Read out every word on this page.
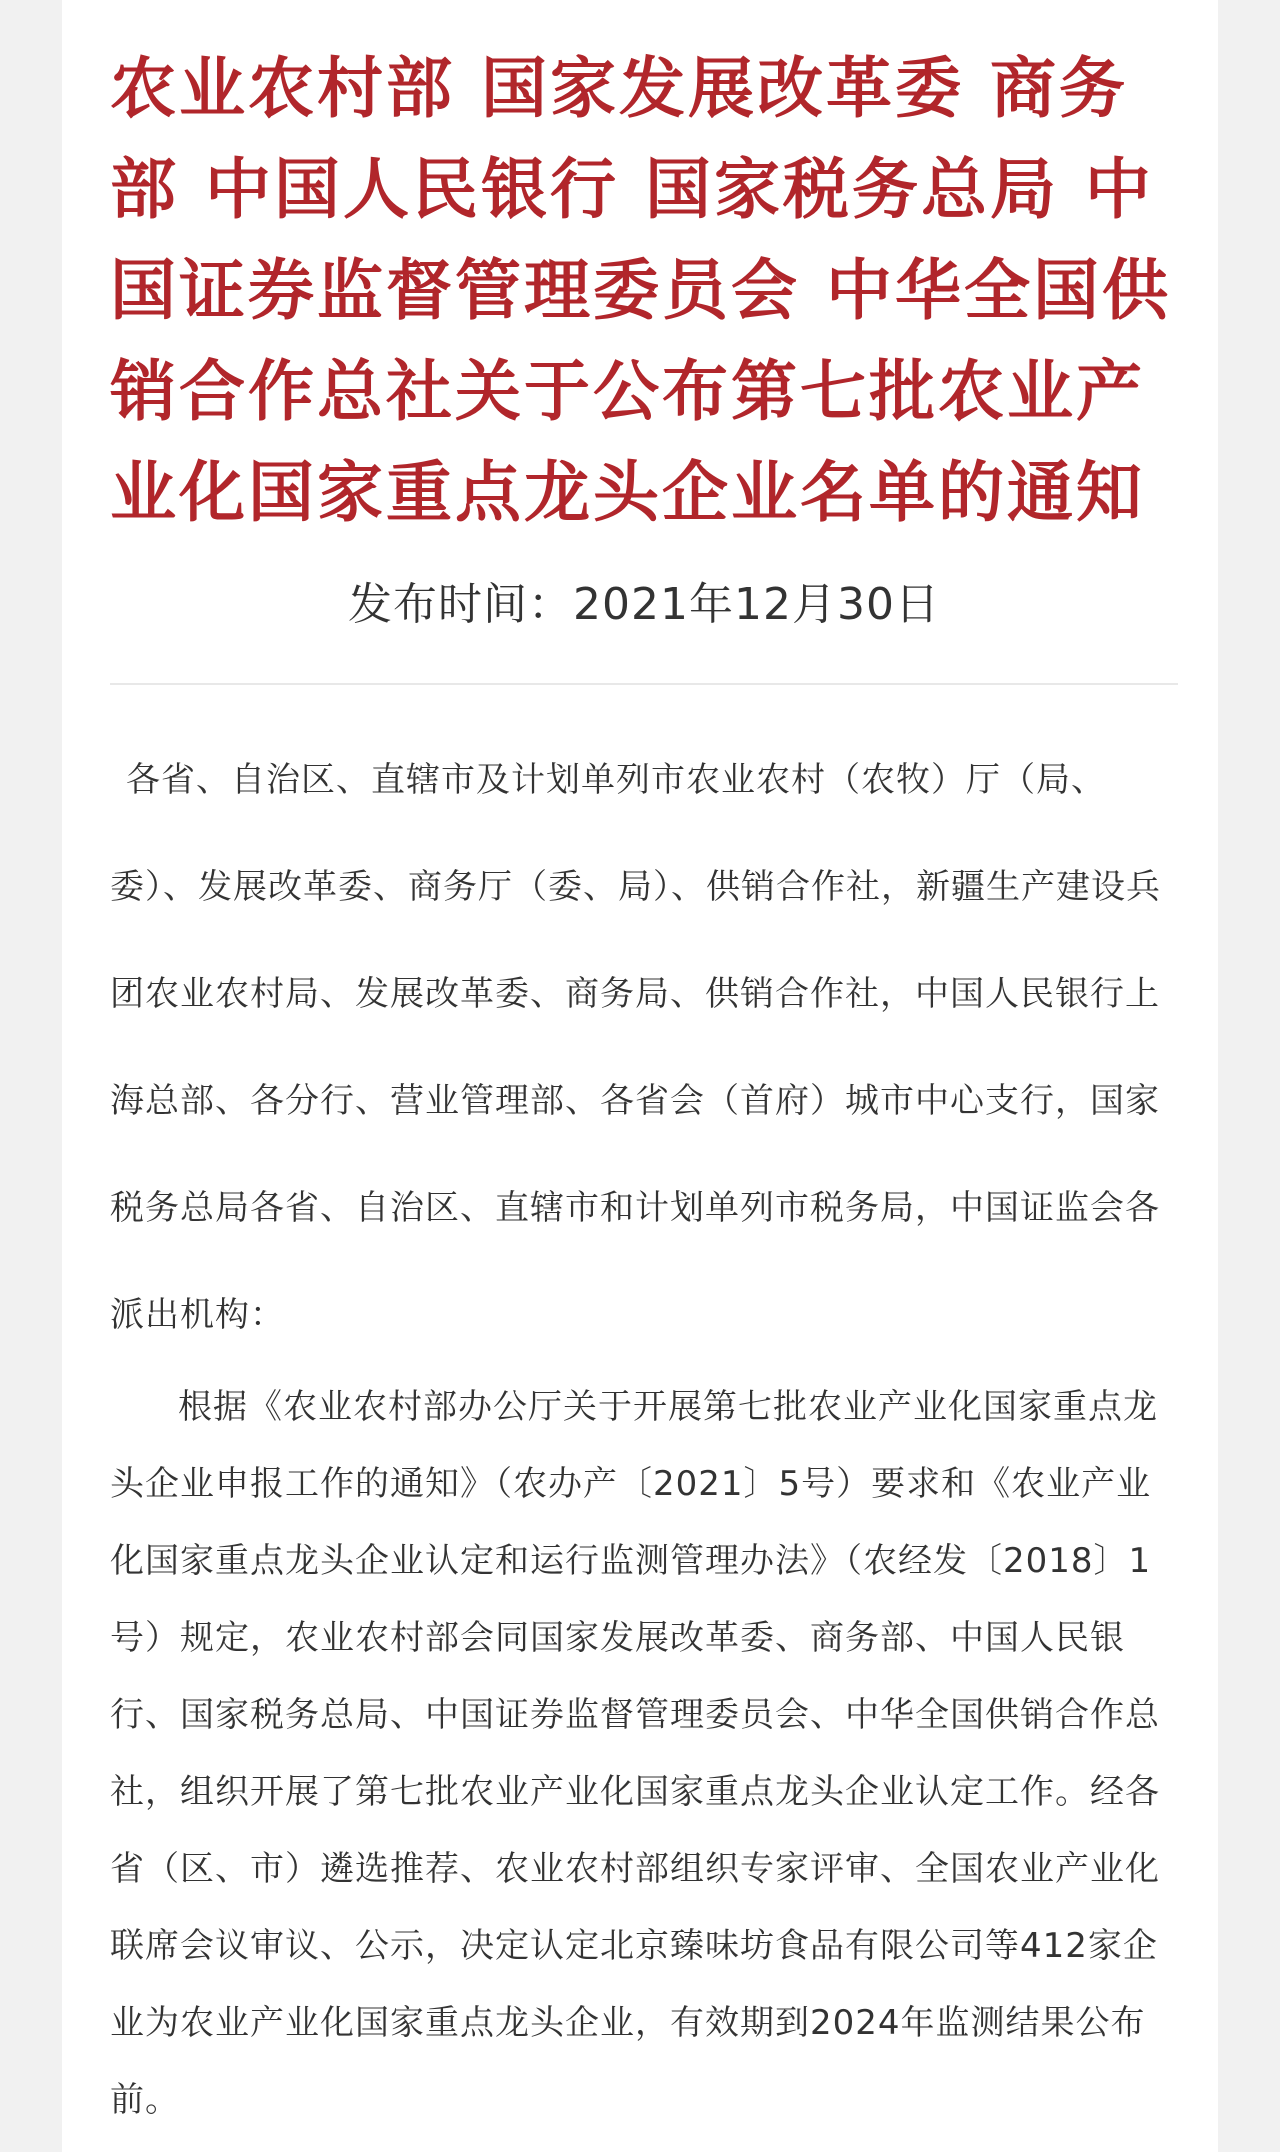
农业农村部 国家发展改革委 商务部 中国人民银行 国家税务总局 中国证券监督管理委员会 中华全国供销合作总社关于公布第七批农业产业化国家重点龙头企业名单的通知
发布时间：2021年12月30日

各省、自治区、直辖市及计划单列市农业农村（农牧）厅（局、委）、发展改革委、商务厅（委、局）、供销合作社，新疆生产建设兵团农业农村局、发展改革委、商务局、供销合作社，中国人民银行上海总部、各分行、营业管理部、各省会（首府）城市中心支行，国家税务总局各省、自治区、直辖市和计划单列市税务局，中国证监会各派出机构：

根据《农业农村部办公厅关于开展第七批农业产业化国家重点龙头企业申报工作的通知》（农办产〔2021〕5号）要求和《农业产业化国家重点龙头企业认定和运行监测管理办法》（农经发〔2018〕1号）规定，农业农村部会同国家发展改革委、商务部、中国人民银行、国家税务总局、中国证券监督管理委员会、中华全国供销合作总社，组织开展了第七批农业产业化国家重点龙头企业认定工作。经各省（区、市）遴选推荐、农业农村部组织专家评审、全国农业产业化联席会议审议、公示，决定认定北京臻味坊食品有限公司等412家企业为农业产业化国家重点龙头企业，有效期到2024年监测结果公布前。
